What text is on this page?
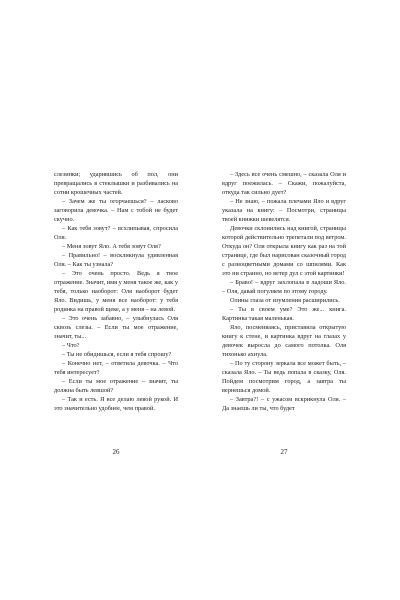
слезинки; ударившись об пол, они превращались в стеклышки и разбивались на сотни крошечных частей.

– Зачем же ты огорчаешься? – ласково заговорила девочка. – Нам с тобой не будет скучно.

– Как тебя зовут? – всхлипывая, спросила Оля.

– Меня зовут Яло. А тебя зовут Оля?

– Правильно! – воскликнула удивленная Оля. – Как ты узнала?

– Это очень просто. Ведь я твое отражение. Значит, имя у меня такое же, как у тебя, только наоборот: Оля наоборот будет Яло. Видишь, у меня все наоборот: у тебя родинка на правой щеке, а у меня – на левой.

– Это очень забавно, – улыбнулась Оля сквозь слезы. – Если ты мое отражение, значит, ты...

– Что?

– Ты не обидишься, если я тебя спрошу?

– Конечно нет, – ответила девочка. – Что тебя интересует?

– Если ты мое отражение – значит, ты должна быть левшой?

– Так и есть. Я все делаю левой рукой. И это значительно удобнее, чем правой.

26

– Здесь все очень смешно, – сказала Оля и вдруг поежилась. – Скажи, пожалуйста, откуда так сильно дует?

– Не знаю, – пожала плечами Яло и вдруг указала на книгу: – Посмотри, страницы твоей книжки шевелятся.

Девочки склонились над книгой, страницы которой действительно трепетали под ветром. Откуда он? Оля открыла книгу как раз на той странице, где был нарисован сказочный город с разноцветными домами со шпилями. Как это ни странно, но ветер дул с этой картинки!

– Браво! – вдруг захлопала в ладоши Яло. – Оля, давай погуляем по этому городу.

Олины глаза от изумления расширились.

– Ты в своем уме? Это же... книга. Картинка такая маленькая.

Яло, посмеиваясь, приставила открытую книгу к стене, и картинка вдруг на глазах у девочек выросла до самого потолка. Оля тихонько ахнула.

– По ту сторону зеркала все может быть, – сказала Яло. – Ты ведь попала в сказку, Оля. Пойдем посмотрим город, а завтра ты вернешься домой.

– Завтра?! – с ужасом вскрикнула Оля. – Да знаешь ли ты, что будет

27
